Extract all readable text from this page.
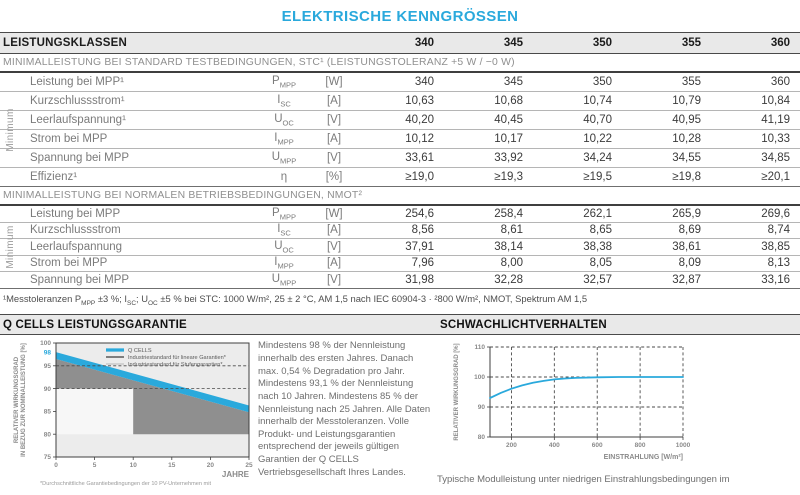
ELEKTRISCHE KENNGRÖSSEN
LEISTUNGSKLASSEN	340	345	350	355	360
MINIMALLEISTUNG BEI STANDARD TESTBEDINGUNGEN, STC¹ (LEISTUNGSTOLERANZ +5 W / −0 W)
Minimum
Leistung bei MPP¹	$P_{MPP}$	[W]	340	345	350	355	360
Kurzschlussstrom¹	$I_{SC}$	[A]	10,63	10,68	10,74	10,79	10,84
Leerlaufspannung¹	$U_{OC}$	[V]	40,20	40,45	40,70	40,95	41,19
Strom bei MPP	$I_{MPP}$	[A]	10,12	10,17	10,22	10,28	10,33
Spannung bei MPP	$U_{MPP}$	[V]	33,61	33,92	34,24	34,55	34,85
Effizienz¹	η	[%]	≥19,0	≥19,3	≥19,5	≥19,8	≥20,1
MINIMALLEISTUNG BEI NORMALEN BETRIEBSBEDINGUNGEN, NMOT²
Minimum
Leistung bei MPP	$P_{MPP}$	[W]	254,6	258,4	262,1	265,9	269,6
Kurzschlussstrom	$I_{SC}$	[A]	8,56	8,61	8,65	8,69	8,74
Leerlaufspannung	$U_{OC}$	[V]	37,91	38,14	38,38	38,61	38,85
Strom bei MPP	$I_{MPP}$	[A]	7,96	8,00	8,05	8,09	8,13
Spannung bei MPP	$U_{MPP}$	[V]	31,98	32,28	32,57	32,87	33,16
¹Messtoleranzen $P_{MPP} \pm 3$ %; $I_{SC}$; $U_{OC} \pm 5$ % bei STC: 1000 W/m², 25 ± 2 °C, AM 1,5 nach IEC 60904-3 · ²800 W/m², NMOT, Spektrum AM 1,5
Q CELLS LEISTUNGSGARANTIE	SCHWACHLICHTVERHALTEN
100
95
90
85
80
75
98
0	5	10	15	20	25
JAHRE
*Durchschnittliche Garantiebedingungen der 10 PV-Unternehmen mit
RELATIVER WIRKUNGSGRAD IN BEZUG ZUR NOMINALLEISTUNG [%]	Q CELLS
Industriestandard für lineare Garantien*
Industriestandard für Stufengarantien*
Mindestens 98 % der Nennleistung innerhalb des ersten Jahres. Danach max. 0,54 % Degradation pro Jahr. Mindestens 93,1 % der Nennleistung nach 10 Jahren. Mindestens 85 % der Nennleistung nach 25 Jahren. Alle Daten innerhalb der Messtoleranzen. Volle Produkt- und Leistungsgarantien entsprechend der jeweils gültigen Garantien der Q CELLS Vertriebsgesellschaft Ihres Landes.
110
100
90
80
200	400	600	800	1000
EINSTRAHLUNG [W/m²]
RELATIVER WIRKUNGSGRAD [%]
Typische Modulleistung unter niedrigen Einstrahlungsbedingungen im
